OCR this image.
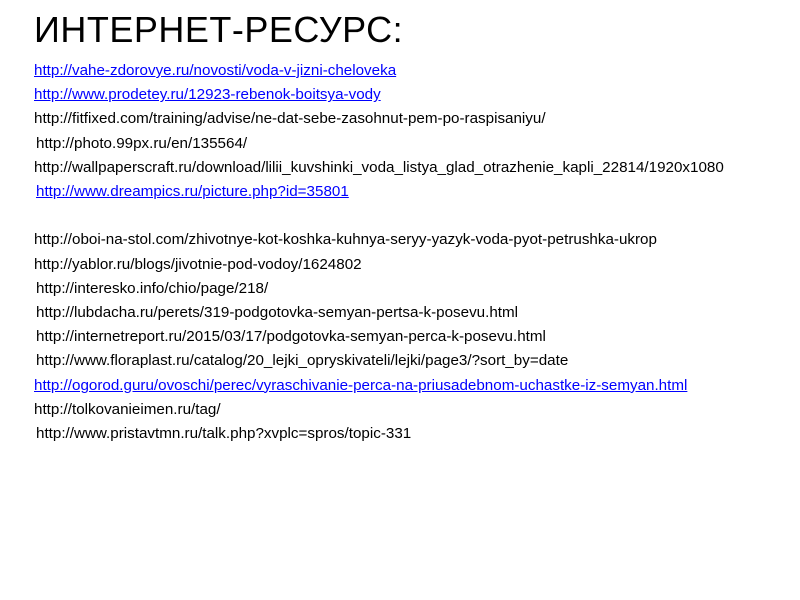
ИНТЕРНЕТ-РЕСУРС:
http://vahe-zdorovye.ru/novosti/voda-v-jizni-cheloveka
http://www.prodetey.ru/12923-rebenok-boitsya-vody
http://fitfixed.com/training/advise/ne-dat-sebe-zasohnut-pem-po-raspisaniyu/
http://photo.99px.ru/en/135564/
http://wallpaperscraft.ru/download/lilii_kuvshinki_voda_listya_glad_otrazhenie_kapli_22814/1920x1080
http://www.dreampics.ru/picture.php?id=35801
http://oboi-na-stol.com/zhivotnye-kot-koshka-kuhnya-seryy-yazyk-voda-pyot-petrushka-ukrop
http://yablor.ru/blogs/jivotnie-pod-vodoy/1624802
http://interesko.info/chio/page/218/
http://lubdacha.ru/perets/319-podgotovka-semyan-pertsa-k-posevu.html
http://internetreport.ru/2015/03/17/podgotovka-semyan-perca-k-posevu.html
http://www.floraplast.ru/catalog/20_lejki_opryskivateli/lejki/page3/?sort_by=date
http://ogorod.guru/ovoschi/perec/vyraschivanie-perca-na-priusadebnom-uchastke-iz-semyan.html
http://tolkovanieimen.ru/tag/
http://www.pristavtmn.ru/talk.php?xvplc=spros/topic-331
